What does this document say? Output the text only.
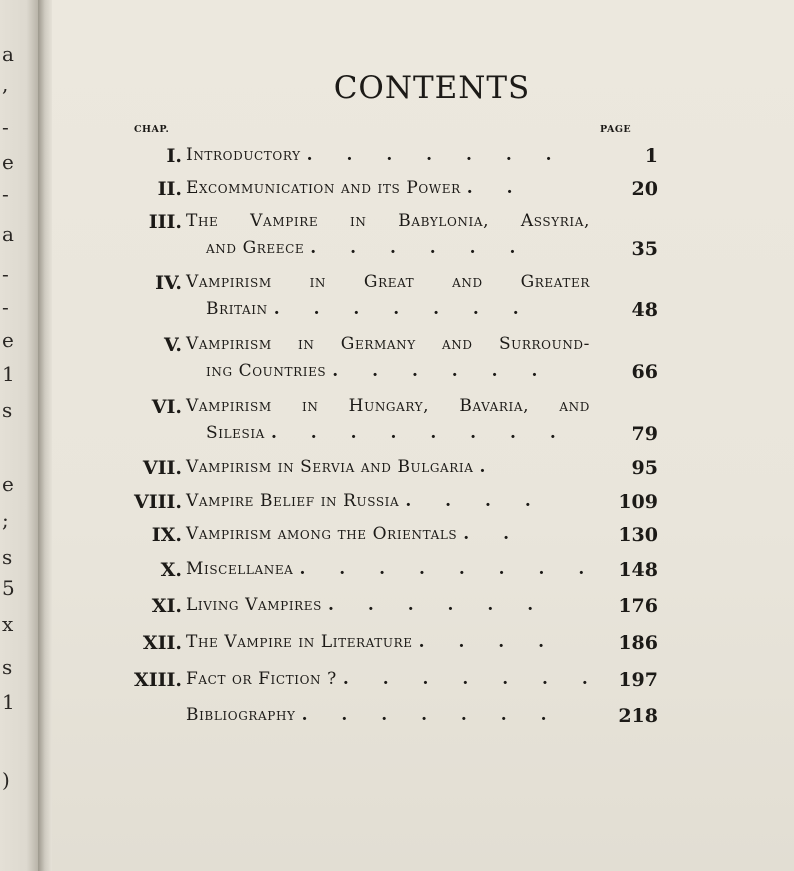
a
,
-
e
-
a
-
-
e
1
s
e
;
s
5
x
s
1
)
CONTENTS
CHAP.	PAGE
I. Introductory . . . . . . .	1
II. Excommunication and its Power . .	20
III. The Vampire in Babylonia, Assyria,
and Greece . . . . . .	35
IV. Vampirism in Great and Greater
Britain . . . . . . .	48
V. Vampirism in Germany and Surround-
ing Countries . . . . . .	66
VI. Vampirism in Hungary, Bavaria, and
Silesia . . . . . . . .	79
VII. Vampirism in Servia and Bulgaria .	95
VIII. Vampire Belief in Russia . . . .	109
IX. Vampirism among the Orientals . .	130
X. Miscellanea . . . . . . . . 148
XI. Living Vampires . . . . . .	176
XII. The Vampire in Literature . . . .	186
XIII. Fact or Fiction ? . . . . . . . 197
Bibliography . . . . . . .	218
